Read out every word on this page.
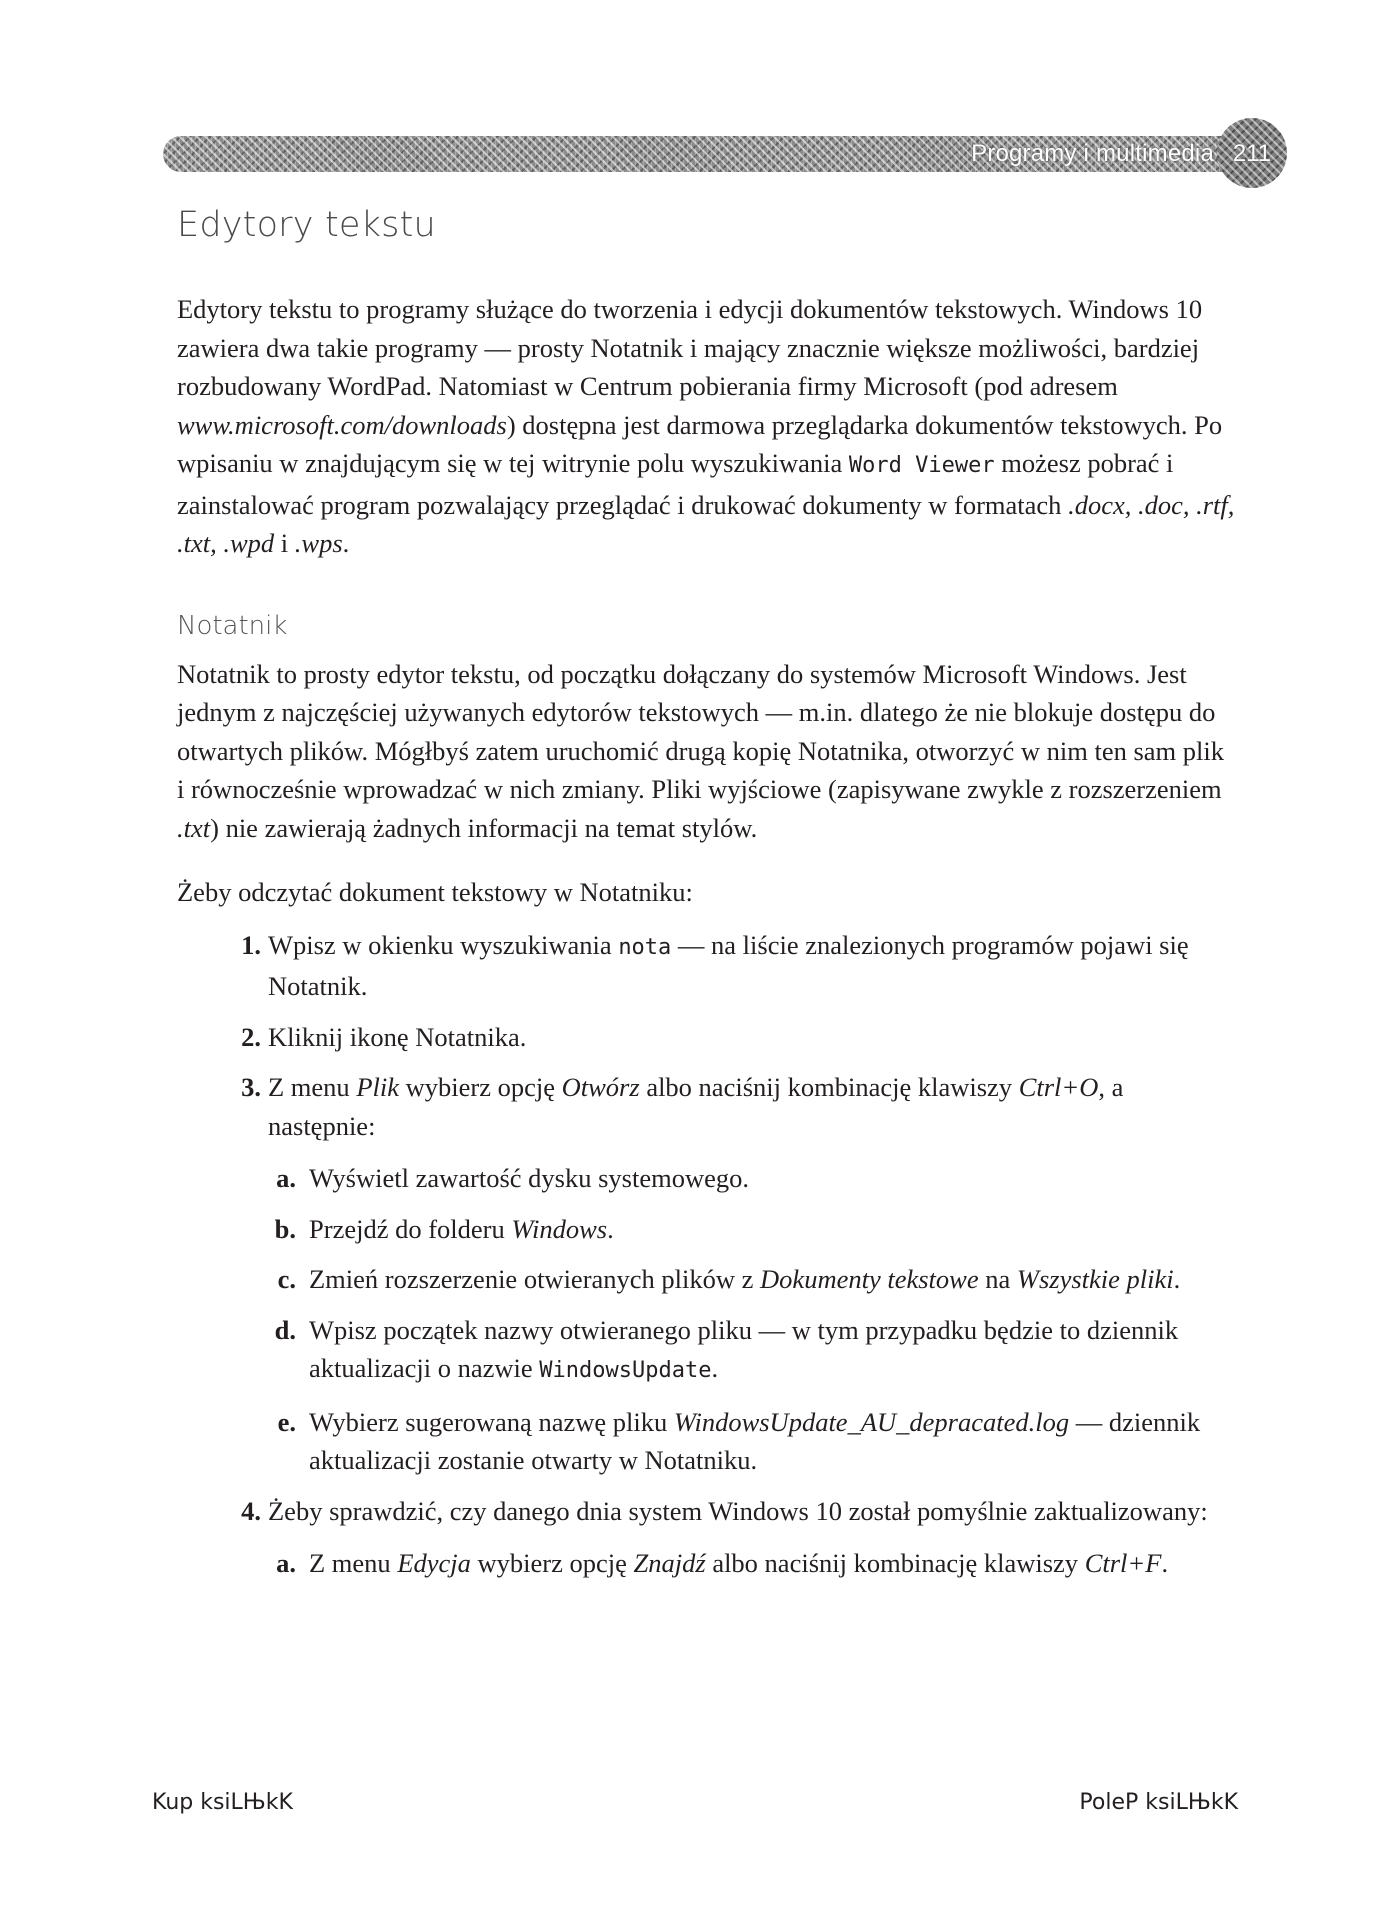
Programy i multimedia 211
Edytory tekstu

Edytory tekstu to programy służące do tworzenia i edycji dokumentów tekstowych. Windows 10 zawiera dwa takie programy — prosty Notatnik i mający znacznie większe możliwości, bardziej rozbudowany WordPad. Natomiast w Centrum pobierania firmy Microsoft (pod adresem www.microsoft.com/downloads) dostępna jest darmowa przeglądarka dokumentów tekstowych. Po wpisaniu w znajdującym się w tej witrynie polu wyszukiwania Word Viewer możesz pobrać i zainstalować program pozwalający przeglądać i drukować dokumenty w formatach .docx, .doc, .rtf, .txt, .wpd i .wps.

Notatnik

Notatnik to prosty edytor tekstu, od początku dołączany do systemów Microsoft Windows. Jest jednym z najczęściej używanych edytorów tekstowych — m.in. dlatego że nie blokuje dostępu do otwartych plików. Mógłbyś zatem uruchomić drugą kopię Notatnika, otworzyć w nim ten sam plik i równocześnie wprowadzać w nich zmiany. Pliki wyjściowe (zapisywane zwykle z rozszerzeniem .txt) nie zawierają żadnych informacji na temat stylów.

Żeby odczytać dokument tekstowy w Notatniku:

1. Wpisz w okienku wyszukiwania nota — na liście znalezionych programów pojawi się Notatnik.
2. Kliknij ikonę Notatnika.
3. Z menu Plik wybierz opcję Otwórz albo naciśnij kombinację klawiszy Ctrl+O, a następnie:
a. Wyświetl zawartość dysku systemowego.
b. Przejdź do folderu Windows.
c. Zmień rozszerzenie otwieranych plików z Dokumenty tekstowe na Wszystkie pliki.
d. Wpisz początek nazwy otwieranego pliku — w tym przypadku będzie to dziennik aktualizacji o nazwie WindowsUpdate.
e. Wybierz sugerowaną nazwę pliku WindowsUpdate_AU_depracated.log — dziennik aktualizacji zostanie otwarty w Notatniku.
4. Żeby sprawdzić, czy danego dnia system Windows 10 został pomyślnie zaktualizowany:
a. Z menu Edycja wybierz opcję Znajdź albo naciśnij kombinację klawiszy Ctrl+F.
Kup ksiLЊkK	PoleP ksiLЊkK
